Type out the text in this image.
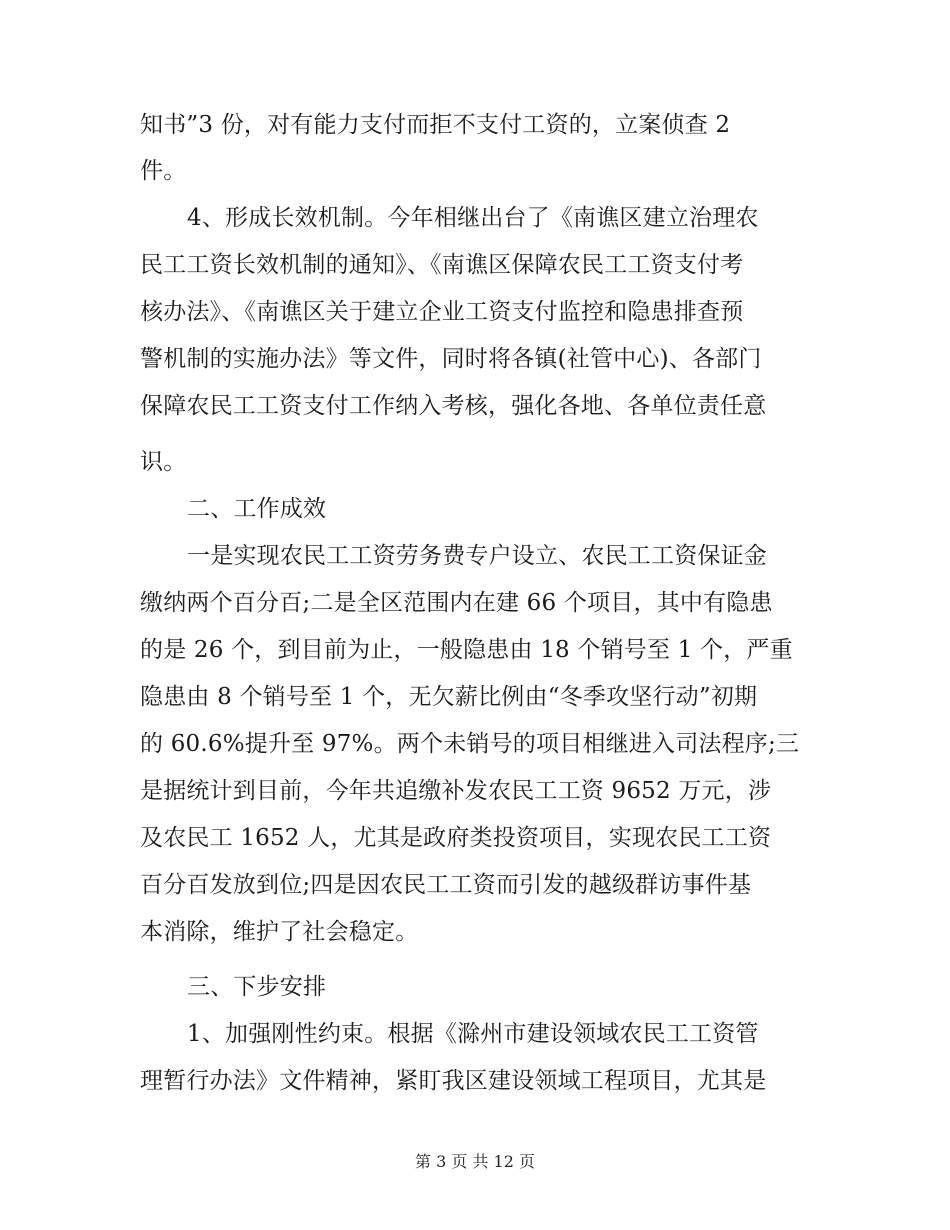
知书”3 份，对有能力支付而拒不支付工资的，立案侦查 2
件。
4、形成长效机制。今年相继出台了《南谯区建立治理农
民工工资长效机制的通知》、《南谯区保障农民工工资支付考
核办法》、《南谯区关于建立企业工资支付监控和隐患排查预
警机制的实施办法》等文件，同时将各镇(社管中心)、各部门
保障农民工工资支付工作纳入考核，强化各地、各单位责任意
识。
二、工作成效
一是实现农民工工资劳务费专户设立、农民工工资保证金
缴纳两个百分百;二是全区范围内在建 66 个项目，其中有隐患
的是 26 个，到目前为止，一般隐患由 18 个销号至 1 个，严重
隐患由 8 个销号至 1 个，无欠薪比例由“冬季攻坚行动”初期
的 60.6%提升至 97%。两个未销号的项目相继进入司法程序;三
是据统计到目前，今年共追缴补发农民工工资 9652 万元，涉
及农民工 1652 人，尤其是政府类投资项目，实现农民工工资
百分百发放到位;四是因农民工工资而引发的越级群访事件基
本消除，维护了社会稳定。
三、下步安排
1、加强刚性约束。根据《滁州市建设领域农民工工资管
理暂行办法》文件精神，紧盯我区建设领域工程项目，尤其是
第 3 页 共 12 页
